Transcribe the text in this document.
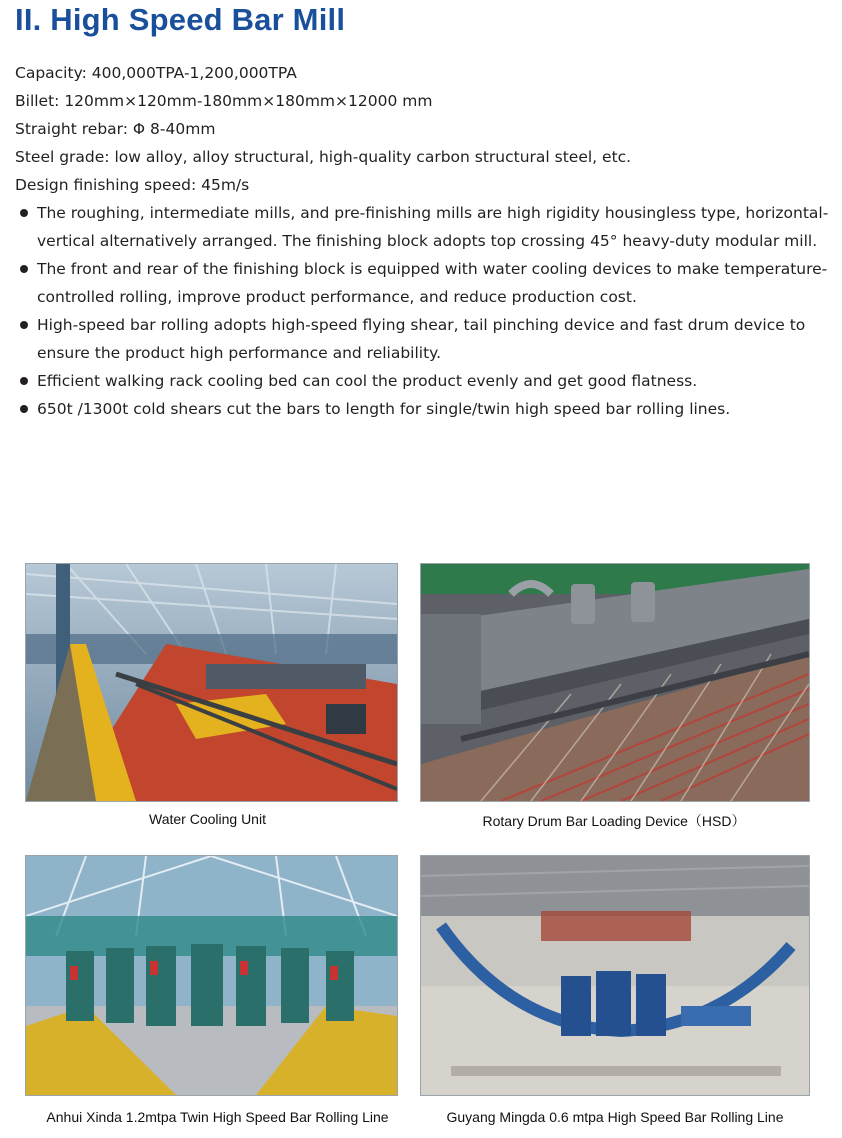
II. High Speed Bar Mill
Capacity: 400,000TPA-1,200,000TPA
Billet: 120mm×120mm-180mm×180mm×12000 mm
Straight rebar: Φ 8-40mm
Steel grade: low alloy, alloy structural, high-quality carbon structural steel, etc.
Design finishing speed: 45m/s
The roughing, intermediate mills, and pre-finishing mills are high rigidity housingless type, horizontal-vertical alternatively arranged. The finishing block adopts top crossing 45° heavy-duty modular mill.
The front and rear of the finishing block is equipped with water cooling devices to make temperature-controlled rolling, improve product performance, and reduce production cost.
High-speed bar rolling adopts high-speed flying shear, tail pinching device and fast drum device to ensure the product high performance and reliability.
Efficient walking rack cooling bed can cool the product evenly and get good flatness.
650t /1300t cold shears cut the bars to length for single/twin high speed bar rolling lines.
Water Cooling Unit	Rotary Drum Bar Loading Device（HSD）
Anhui Xinda 1.2mtpa Twin High Speed Bar Rolling Line	Guyang Mingda 0.6 mtpa High Speed Bar Rolling Line
